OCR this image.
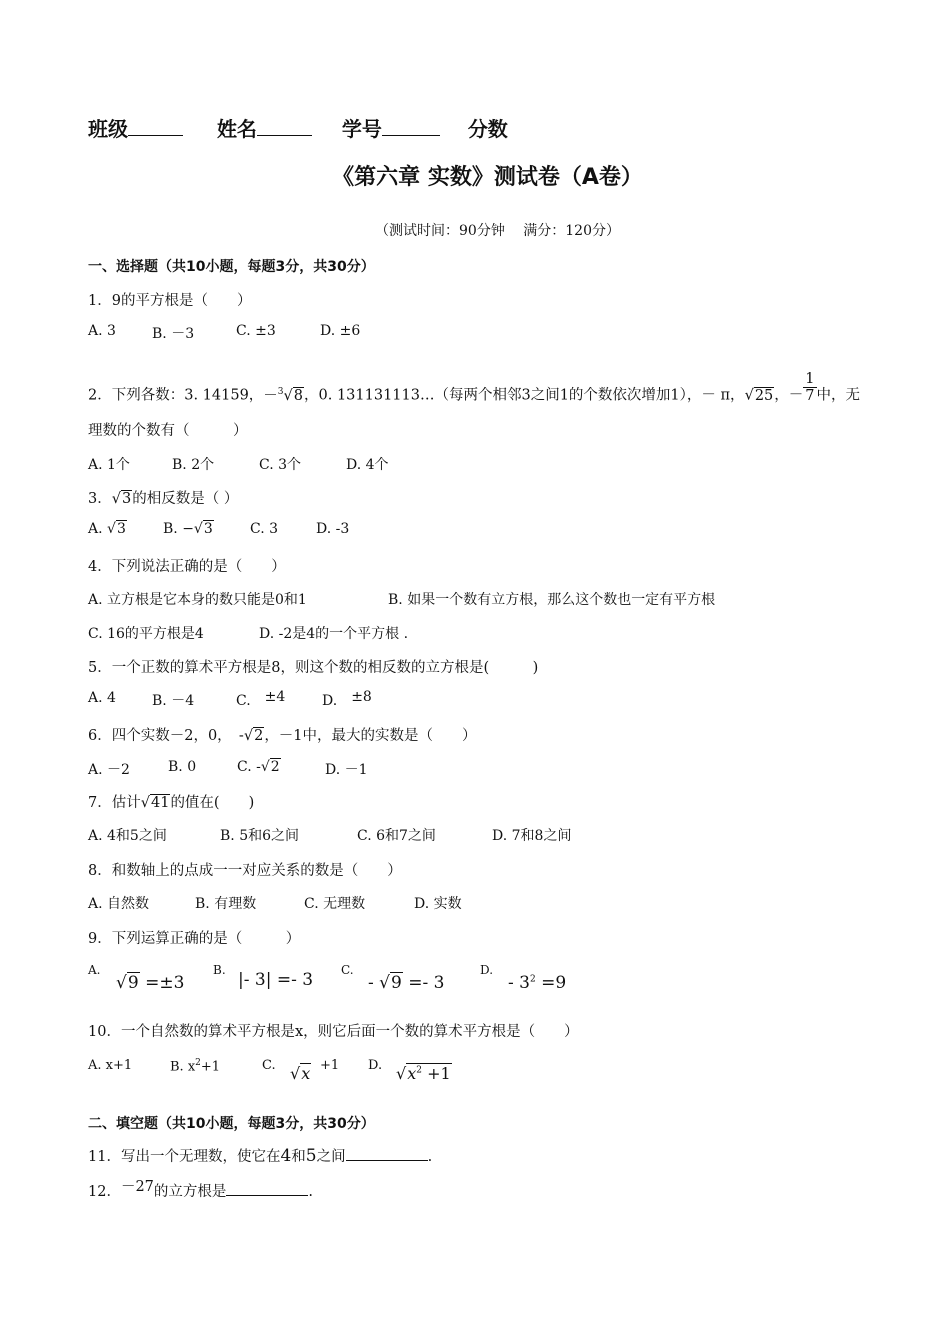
班级	姓名	学号	分数
《第六章 实数》测试卷（A卷）
（测试时间：90分钟　 满分：120分）
一、选择题（共10小题，每题3分，共30分）
1．9的平方根是（　　）
A. 3	B. －3	C. ±3	D. ±6
2．下列各数：3. 14159，－$^3$√8，0. 131131113…（每两个相邻3之间1的个数依次增加1），－ π，√25，－ $\frac{1}{7}$ 中，无
理数的个数有（　　　）
A. 1个	B. 2个	C. 3个	D. 4个
3．√3的相反数是（ ）
A. √3	B. −√3	C. 3	D. -3
4．下列说法正确的是（　　）
A. 立方根是它本身的数只能是0和1	B. 如果一个数有立方根，那么这个数也一定有平方根
C. 16的平方根是4	D. -2是4的一个平方根 .
5．一个正数的算术平方根是8，则这个数的相反数的立方根是(　　　)
A. 4	B. －4	C.　 ±4	D.　 ±8
6．四个实数－2，0，　-√2，－1中，最大的实数是（　　）
A. －2	B. 0	C. -√2	D. －1
7．估计√41的值在(　　)
A. 4和5之间	B. 5和6之间	C. 6和7之间	D. 7和8之间
8．和数轴上的点成一一对应关系的数是（　　）
A. 自然数	B. 有理数	C. 无理数	D. 实数
9．下列运算正确的是（　　　）
A.
√9 =±3
B. |- 3| =- 3 C.
- √9 =- 3
D.
- $3^2 =9$
10．一个自然数的算术平方根是x，则它后面一个数的算术平方根是（　　）
A. x+1	B. $x^2+1$	C. √x +1 D. $√x^2 +1$
二、填空题（共10小题，每题3分，共30分）
11．写出一个无理数，使它在4和5之间	.
12．－27的立方根是	.
